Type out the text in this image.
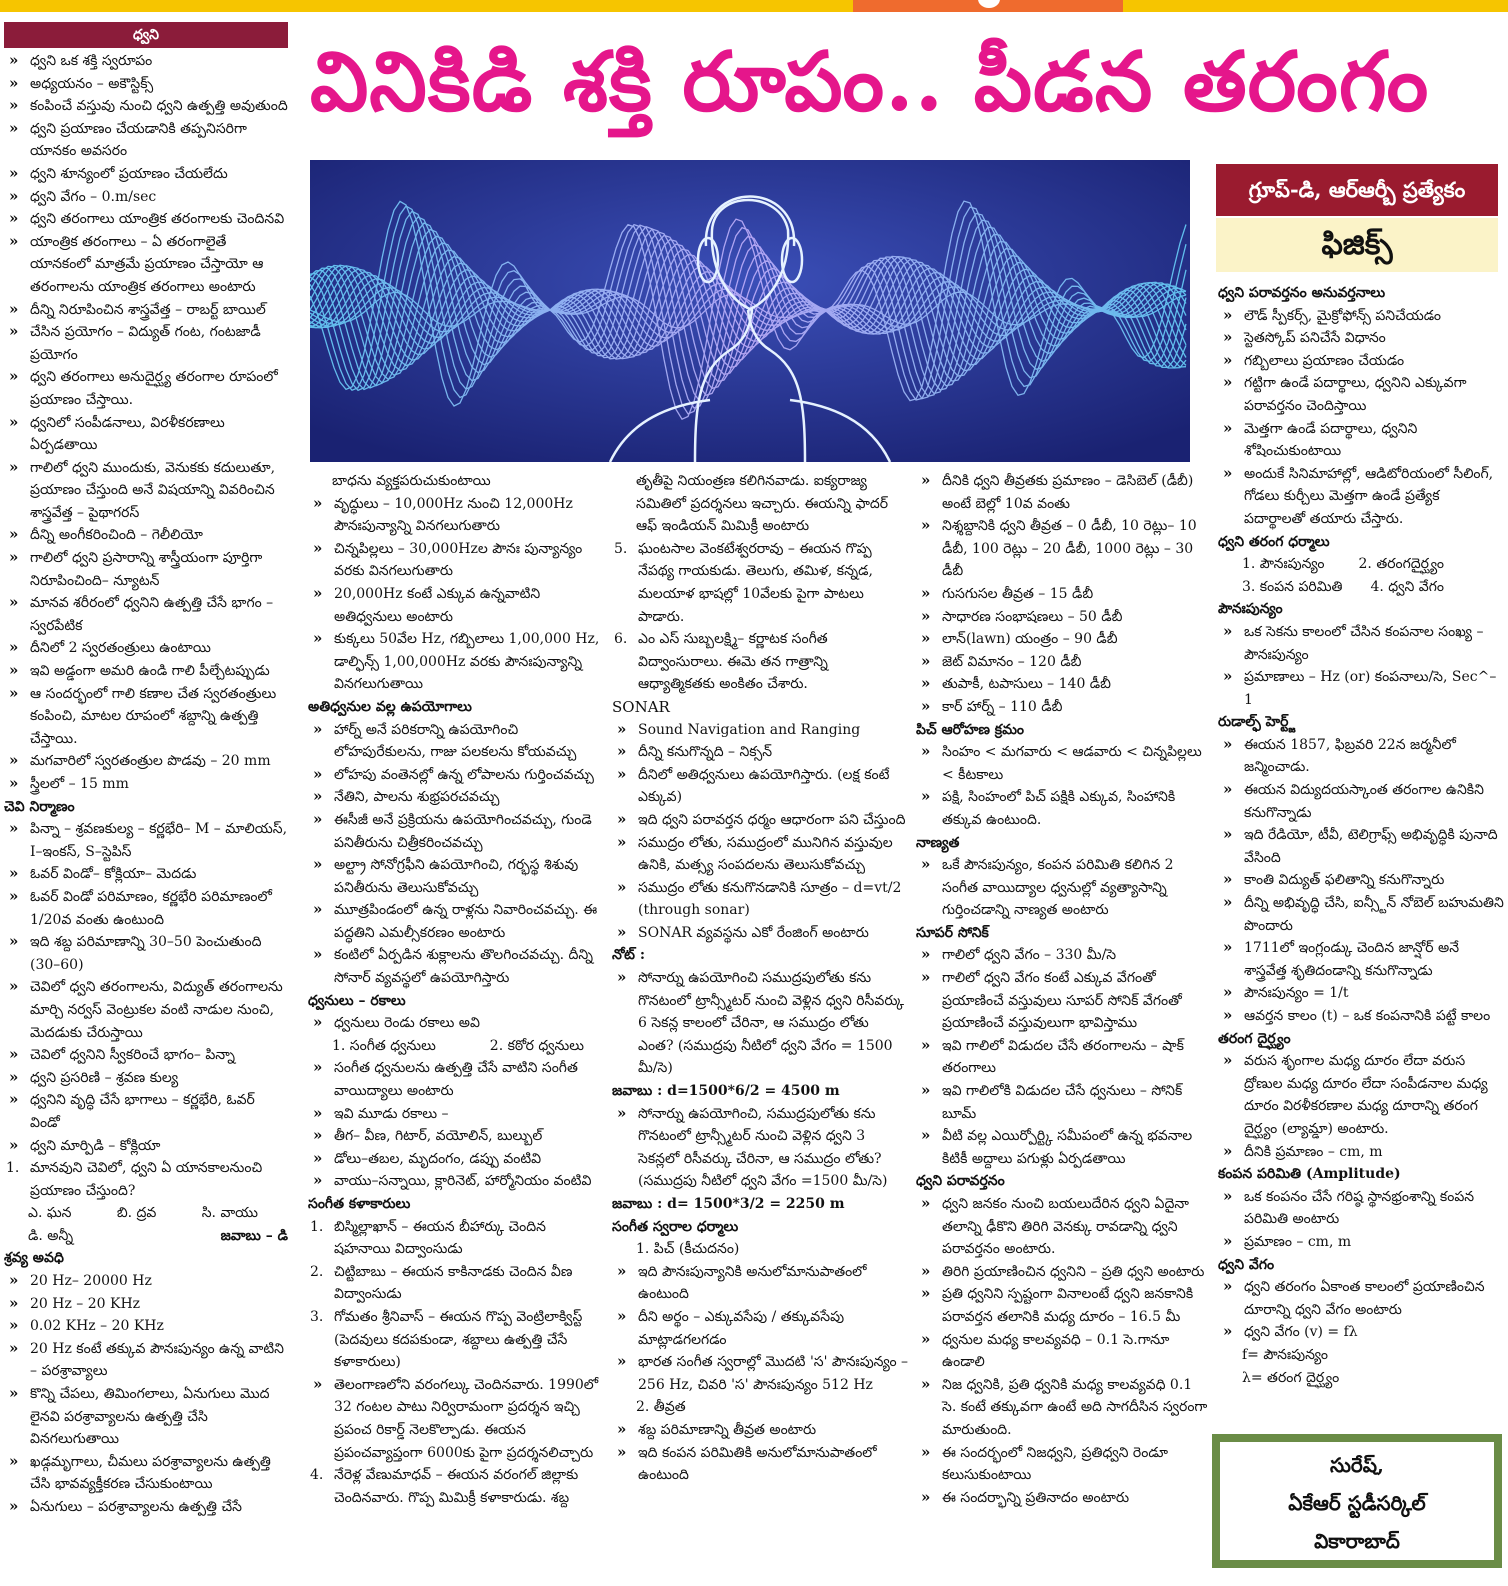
వినికిడి శక్తి రూపం.. పీడన తరంగం
గ్రూప్-డి, ఆర్ఆర్బీ ప్రత్యేకం
ఫిజిక్స్
ధ్వని
» ధ్వని ఒక శక్తి స్వరూపం
» అధ్యయనం – అకౌస్టిక్స్
» కంపించే వస్తువు నుంచి ధ్వని ఉత్పత్తి అవుతుంది
» ధ్వని ప్రయాణం చేయడానికి తప్పనిసరిగా యానకం అవసరం
» ధ్వని శూన్యంలో ప్రయాణం చేయలేదు
» ధ్వని వేగం – 0.m/sec
» ధ్వని తరంగాలు యాంత్రిక తరంగాలకు చెందినవి
» యాంత్రిక తరంగాలు – ఏ తరంగాలైతే యానకంలో మాత్రమే ప్రయాణం చేస్తాయో ఆ తరంగాలను యాంత్రిక తరంగాలు అంటారు
» దీన్ని నిరూపించిన శాస్త్రవేత్త – రాబర్ట్ బాయిల్
» చేసిన ప్రయోగం – విద్యుత్ గంట, గంటజాడీ ప్రయోగం
» ధ్వని తరంగాలు అనుదైర్ఘ్య తరంగాల రూపంలో ప్రయాణం చేస్తాయి.
» ధ్వనిలో సంపీడనాలు, విరళీకరణాలు ఏర్పడతాయి
» గాలిలో ధ్వని ముందుకు, వెనుకకు కదులుతూ, ప్రయాణం చేస్తుంది అనే విషయాన్ని వివరించిన శాస్త్రవేత్త – పైథాగరస్
» దీన్ని అంగీకరించింది – గెలీలియో
» గాలిలో ధ్వని ప్రసారాన్ని శాస్త్రీయంగా పూర్తిగా నిరూపించింది– న్యూటన్
» మానవ శరీరంలో ధ్వనిని ఉత్పత్తి చేసే భాగం – స్వరపేటిక
» దీనిలో 2 స్వరతంత్రులు ఉంటాయి
» ఇవి అడ్డంగా అమరి ఉండి గాలి పీల్చేటప్పుడు
» ఆ సందర్భంలో గాలి కణాల చేత స్వరతంత్రులు కంపించి, మాటల రూపంలో శబ్దాన్ని ఉత్పత్తి చేస్తాయి.
» మగవారిలో స్వరతంత్రుల పొడవు – 20 mm
» స్త్రీలలో – 15 mm
చెవి నిర్మాణం
» పిన్నా – శ్రవణకుల్య – కర్ణభేరి– M – మాలియస్, I–ఇంకస్, S–స్టెపిస్
» ఓవర్ విండో– కోక్లియా– మెదడు
» ఓవర్ విండో పరిమాణం, కర్ణభేరి పరిమాణంలో 1/20వ వంతు ఉంటుంది
» ఇది శబ్ద పరిమాణాన్ని 30–50 పెంచుతుంది (30–60)
» చెవిలో ధ్వని తరంగాలను, విద్యుత్ తరంగాలను మార్చి నర్వస్ వెంట్రుకల వంటి నాడుల నుంచి, మెదడుకు చేరుస్తాయి
» చెవిలో ధ్వనిని స్వీకరించే భాగం– పిన్నా
» ధ్వని ప్రసరిణి – శ్రవణ కుల్య
» ధ్వనిని వృద్ధి చేసే భాగాలు – కర్ణభేరి, ఓవర్ విండో
» ధ్వని మార్పిడి – కోక్లియా
1. మానవుని చెవిలో, ధ్వని ఏ యానకాలనుంచి ప్రయాణం చేస్తుంది?
ఎ. ఘన	బి. ద్రవ	సి. వాయు
డి. అన్నీ	జవాబు – డి
శ్రవ్య అవధి
» 20 Hz– 20000 Hz
» 20 Hz – 20 KHz
» 0.02 KHz – 20 KHz
» 20 Hz కంటే తక్కువ పౌనఃపున్యం ఉన్న వాటిని – పరశ్రావ్యాలు
» కొన్ని చేపలు, తిమింగలాలు, ఏనుగులు మొద లైనవి పరశ్రావ్యాలను ఉత్పత్తి చేసి వినగలుగుతాయి
» ఖడ్గమృగాలు, చీమలు పరశ్రావ్యాలను ఉత్పత్తి చేసి భావవ్యక్తీకరణ చేసుకుంటాయి
» ఏనుగులు – పరశ్రావ్యాలను ఉత్పత్తి చేసే
బాధను వ్యక్తపరుచుకుంటాయి
» వృద్ధులు – 10,000Hz నుంచి 12,000Hz పౌనఃపున్యాన్ని వినగలుగుతారు
» చిన్నపిల్లలు – 30,000Hzల పౌనః పున్యాన్యం వరకు వినగలుగుతారు
» 20,000Hz కంటే ఎక్కువ ఉన్నవాటిని అతిధ్వనులు అంటారు
» కుక్కలు 50వేల Hz, గబ్బిలాలు 1,00,000 Hz, డాల్ఫిన్స్ 1,00,000Hz వరకు పౌనఃపున్యాన్ని వినగలుగుతాయి
అతిధ్వనుల వల్ల ఉపయోగాలు
» హార్న్ అనే పరికరాన్ని ఉపయోగించి లోహపురేకులను, గాజు పలకలను కోయవచ్చు
» లోహపు వంతెనల్లో ఉన్న లోపాలను గుర్తించవచ్చు
» నేతిని, పాలను శుభ్రపరచవచ్చు
» ఈసీజీ అనే ప్రక్రియను ఉపయోగించవచ్చు, గుండె పనితీరును చిత్రీకరించవచ్చు
» అల్ట్రా సోనోగ్రఫీని ఉపయోగించి, గర్భస్థ శిశువు పనితీరును తెలుసుకోవచ్చు
» మూత్రపిండంలో ఉన్న రాళ్లను నివారించవచ్చు. ఈ పద్ధతిని ఎమల్సీకరణం అంటారు
» కంటిలో ఏర్పడిన శుక్లాలను తొలగించవచ్చు. దీన్ని సోనార్ వ్యవస్థలో ఉపయోగిస్తారు
ధ్వనులు – రకాలు
» ధ్వనులు రెండు రకాలు అవి
1. సంగీత ధ్వనులు	2. కఠోర ధ్వనులు
» సంగీత ధ్వనులను ఉత్పత్తి చేసే వాటిని సంగీత వాయిద్యాలు అంటారు
» ఇవి మూడు రకాలు –
» తీగ– వీణ, గిటార్, వయోలిన్, బుల్బుల్
» డోలు–తబల, మృదంగం, డప్పు వంటివి
» వాయు–సన్నాయి, క్లారినెట్, హార్మోనియం వంటివి
సంగీత కళాకారులు
1. బిస్మిల్లాఖాన్ – ఈయన బీహార్కు చెందిన షహనాయి విద్వాంసుడు
2. చిట్టిబాబు – ఈయన కాకినాడకు చెందిన వీణ విద్వాంసుడు
3. గోమతం శ్రీనివాస్ – ఈయన గొప్ప వెంట్రిలాక్విస్ట్ (పెదవులు కదపకుండా, శబ్దాలు ఉత్పత్తి చేసే కళాకారులు)
» తెలంగాణలోని వరంగల్కు చెందినవారు. 1990లో 32 గంటల పాటు నిర్విరామంగా ప్రదర్శన ఇచ్చి ప్రపంచ రికార్డ్ నెలకొల్పాడు. ఈయన ప్రపంచవ్యాప్తంగా 6000కు పైగా ప్రదర్శనలిచ్చారు
4. నేరెళ్ల వేణుమాధవ్ – ఈయన వరంగల్ జిల్లాకు చెందినవారు. గొప్ప మిమిక్రీ కళాకారుడు. శబ్ద
తృతీపై నియంత్రణ కలిగినవాడు. ఐక్యరాజ్య సమితిలో ప్రదర్శనలు ఇచ్చారు. ఈయన్ని ఫాదర్ ఆఫ్ ఇండియన్ మిమిక్రీ అంటారు
5. ఘంటసాల వెంకటేశ్వరరావు – ఈయన గొప్ప నేపథ్య గాయకుడు. తెలుగు, తమిళ, కన్నడ, మలయాళ భాషల్లో 10వేలకు పైగా పాటలు పాడారు.
6. ఎం ఎస్ సుబ్బలక్ష్మి– కర్ణాటక సంగీత విద్వాంసురాలు. ఈమె తన గాత్రాన్ని ఆధ్యాత్మికతకు అంకితం చేశారు.
SONAR
» Sound Navigation and Ranging
» దీన్ని కనుగొన్నది – నిక్సన్
» దీనిలో అతిధ్వనులు ఉపయోగిస్తారు. (లక్ష కంటే ఎక్కువ)
» ఇది ధ్వని పరావర్తన ధర్మం ఆధారంగా పని చేస్తుంది
» సముద్రం లోతు, సముద్రంలో మునిగిన వస్తువుల ఉనికి, మత్స్య సంపదలను తెలుసుకోవచ్చు
» సముద్రం లోతు కనుగొనడానికి సూత్రం – d=vt/2 (through sonar)
» SONAR వ్యవస్థను ఎకో రేంజింగ్ అంటారు
నోట్ :
» సోనార్ను ఉపయోగించి సముద్రపులోతు కను గొనటంలో ట్రాన్స్మీటర్ నుంచి వెళ్లిన ధ్వని రిసీవర్కు 6 సెకన్ల కాలంలో చేరినా, ఆ సముద్రం లోతు ఎంత? (సముద్రపు నీటిలో ధ్వని వేగం = 1500 మీ/సె)
జవాబు : d=1500*6/2 = 4500 m
» సోనార్ను ఉపయోగించి, సముద్రపులోతు కను గొనటంలో ట్రాన్స్మీటర్ నుంచి వెళ్లిన ధ్వని 3 సెకన్లలో రిసీవర్కు చేరినా, ఆ సముద్రం లోతు? (సముద్రపు నీటిలో ధ్వని వేగం =1500 మీ/సె)
జవాబు : d= 1500*3/2 = 2250 m
సంగీత స్వరాల ధర్మాలు
1. పిచ్ (కీచుదనం)
» ఇది పౌనఃపున్యానికి అనులోమానుపాతంలో ఉంటుంది
» దీని అర్థం – ఎక్కువసేపు / తక్కువసేపు మాట్లాడగలగడం
» భారత సంగీత స్వరాల్లో మొదటి 'స' పౌనఃపున్యం – 256 Hz, చివరి 'స' పౌనఃపున్యం 512 Hz
2. తీవ్రత
» శబ్ద పరిమాణాన్ని తీవ్రత అంటారు
» ఇది కంపన పరిమితికి అనులోమానుపాతంలో ఉంటుంది
» దీనికి ధ్వని తీవ్రతకు ప్రమాణం – డెసిబెల్ (డీబీ) అంటే బెల్లో 10వ వంతు
» నిశ్శబ్దానికి ధ్వని తీవ్రత – 0 డీబీ, 10 రెట్లు– 10 డీబీ, 100 రెట్లు – 20 డీబీ, 1000 రెట్లు – 30 డీబీ
» గుసగుసల తీవ్రత – 15 డీబీ
» సాధారణ సంభాషణలు – 50 డీబీ
» లాన్(lawn) యంత్రం – 90 డీబీ
» జెట్ విమానం – 120 డీబీ
» తుపాకీ, టపాసులు – 140 డీబీ
» కార్ హార్న్ – 110 డీబీ
పిచ్ ఆరోహణ క్రమం
» సింహం < మగవారు < ఆడవారు < చిన్నపిల్లలు < కీటకాలు
» పక్షి, సింహంలో పిచ్ పక్షికి ఎక్కువ, సింహానికి తక్కువ ఉంటుంది.
నాణ్యత
» ఒకే పౌనఃపున్యం, కంపన పరిమితి కలిగిన 2 సంగీత వాయిద్యాల ధ్వనుల్లో వ్యత్యాసాన్ని గుర్తించడాన్ని నాణ్యత అంటారు
సూపర్ సోనిక్
» గాలిలో ధ్వని వేగం – 330 మీ/సె
» గాలిలో ధ్వని వేగం కంటే ఎక్కువ వేగంతో ప్రయాణించే వస్తువులు సూపర్ సోనిక్ వేగంతో ప్రయాణించే వస్తువులుగా భావిస్తాము
» ఇవి గాలిలో విడుదల చేసే తరంగాలను – షాక్ తరంగాలు
» ఇవి గాలిలోకి విడుదల చేసే ధ్వనులు – సోనిక్ బూమ్
» వీటి వల్ల ఎయిర్పోర్ట్కి సమీపంలో ఉన్న భవనాల కిటికీ అద్దాలు పగుళ్లు ఏర్పడతాయి
ధ్వని పరావర్తనం
» ధ్వని జనకం నుంచి బయలుదేరిన ధ్వని ఏదైనా తలాన్ని ఢీకొని తిరిగి వెనక్కు రావడాన్ని ధ్వని పరావర్తనం అంటారు.
» తిరిగి ప్రయాణించిన ధ్వనిని – ప్రతి ధ్వని అంటారు
» ప్రతి ధ్వనిని స్పష్టంగా వినాలంటే ధ్వని జనకానికి పరావర్తన తలానికి మధ్య దూరం – 16.5 మీ
» ధ్వనుల మధ్య కాలవ్యవధి – 0.1 సె.గానూ ఉండాలి
» నిజ ధ్వనికి, ప్రతి ధ్వనికి మధ్య కాలవ్యవధి 0.1 సె. కంటే తక్కువగా ఉంటే అది సాగదీసిన స్వరంగా మారుతుంది.
» ఈ సందర్భంలో నిజధ్వని, ప్రతిధ్వని రెండూ కలుసుకుంటాయి
» ఈ సందర్భాన్ని ప్రతినాదం అంటారు
ధ్వని పరావర్తనం అనువర్తనాలు
» లౌడ్ స్పీకర్స్, మైక్రోఫోన్స్ పనిచేయడం
» స్టెతస్కోప్ పనిచేసే విధానం
» గబ్బిలాలు ప్రయాణం చేయడం
» గట్టిగా ఉండే పదార్థాలు, ధ్వనిని ఎక్కువగా పరావర్తనం చెందిస్తాయి
» మెత్తగా ఉండే పదార్థాలు, ధ్వనిని శోషించుకుంటాయి
» అందుకే సినిమాహాల్లో, ఆడిటోరియంలో సీలింగ్, గోడలు కుర్చీలు మెత్తగా ఉండే ప్రత్యేక పదార్థాలతో తయారు చేస్తారు.
ధ్వని తరంగ ధర్మాలు
1. పౌనఃపున్యం 2. తరంగదైర్ఘ్యం
3. కంపన పరిమితి 4. ధ్వని వేగం
పౌనఃపున్యం
» ఒక సెకను కాలంలో చేసిన కంపనాల సంఖ్య – పౌనఃపున్యం
» ప్రమాణాలు – Hz (or) కంపనాలు/సె, Sec^–1
రుడాల్ఫ్ హెర్ట్జ్
» ఈయన 1857, ఫిబ్రవరి 22న జర్మనీలో జన్మించాడు.
» ఈయన విద్యుదయస్కాంత తరంగాల ఉనికిని కనుగొన్నాడు
» ఇది రేడియో, టీవీ, టెలిగ్రాఫ్స్ అభివృద్ధికి పునాది వేసింది
» కాంతి విద్యుత్ ఫలితాన్ని కనుగొన్నారు
» దీన్ని అభివృద్ధి చేసి, ఐన్స్టీన్ నోబెల్ బహుమతిని పొందారు
» 1711లో ఇంగ్లండ్కు చెందిన జాన్షోర్ అనే శాస్త్రవేత్త శృతిదండాన్ని కనుగొన్నాడు
» పౌనఃపున్యం = 1/t
» ఆవర్తన కాలం (t) – ఒక కంపనానికి పట్టే కాలం
తరంగ దైర్ఘ్యం
» వరుస శృంగాల మధ్య దూరం లేదా వరుస ద్రోణుల మధ్య దూరం లేదా సంపీడనాల మధ్య దూరం విరళీకరణాల మధ్య దూరాన్ని తరంగ దైర్ఘ్యం (ల్యామ్డా) అంటారు.
» దీనికి ప్రమాణం – cm, m
కంపన పరిమితి (Amplitude)
» ఒక కంపనం చేసే గరిష్ఠ స్థానభ్రంశాన్ని కంపన పరిమితి అంటారు
» ప్రమాణం – cm, m
ధ్వని వేగం
» ధ్వని తరంగం ఏకాంత కాలంలో ప్రయాణించిన దూరాన్ని ధ్వని వేగం అంటారు
» ధ్వని వేగం (v) = fλ
f= పౌనఃపున్యం
λ= తరంగ దైర్ఘ్యం
సురేష్,
ఏకేఆర్ స్టడీసర్కిల్
వికారాబాద్
